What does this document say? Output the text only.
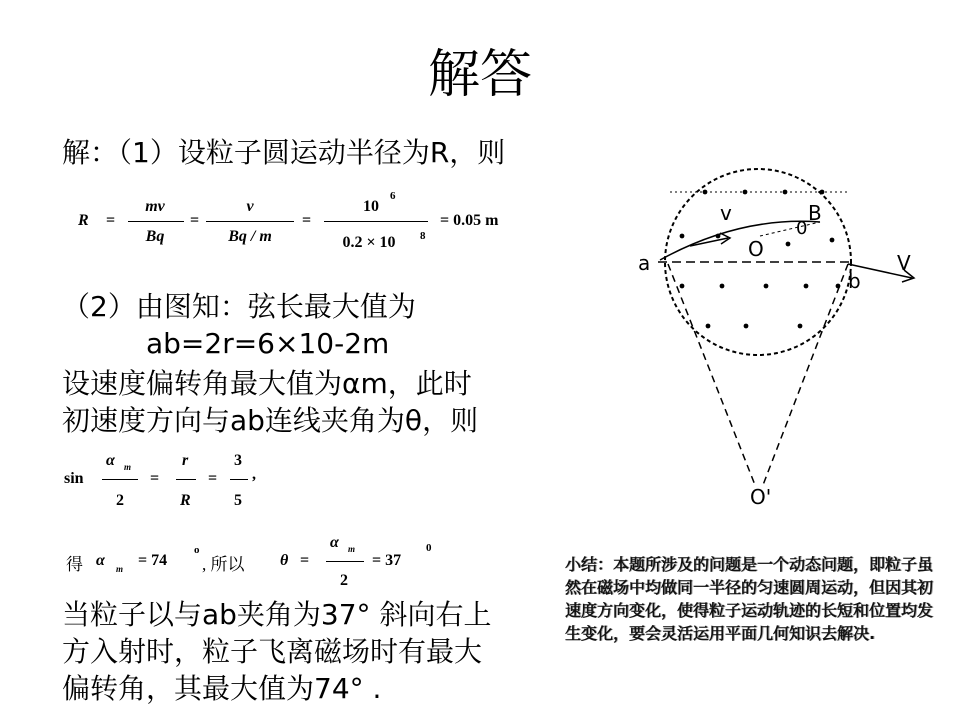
解答
解：（1）设粒子圆运动半径为R，则
R =
mv
Bq
=
v
Bq / m
=
10
6
0.2 × 10	8
= 0.05 m
（2）由图知：弦长最大值为
ab=2r=6×10-2m
设速度偏转角最大值为αm，此时
初速度方向与ab连线夹角为θ，则
sin
α m
2
=
r
R
=
3
5
,
得 α m = 74
o
, 所以 θ =
α m
2
= 37
0
当粒子以与ab夹角为37° 斜向右上
方入射时，粒子飞离磁场时有最大
偏转角，其最大值为74° .
a
b
v
V
B
O
0
O'
小结：本题所涉及的问题是一个动态问题，即粒子虽然在磁场中均做同一半径的匀速圆周运动，但因其初速度方向变化，使得粒子运动轨迹的长短和位置均发生变化，要会灵活运用平面几何知识去解决.
